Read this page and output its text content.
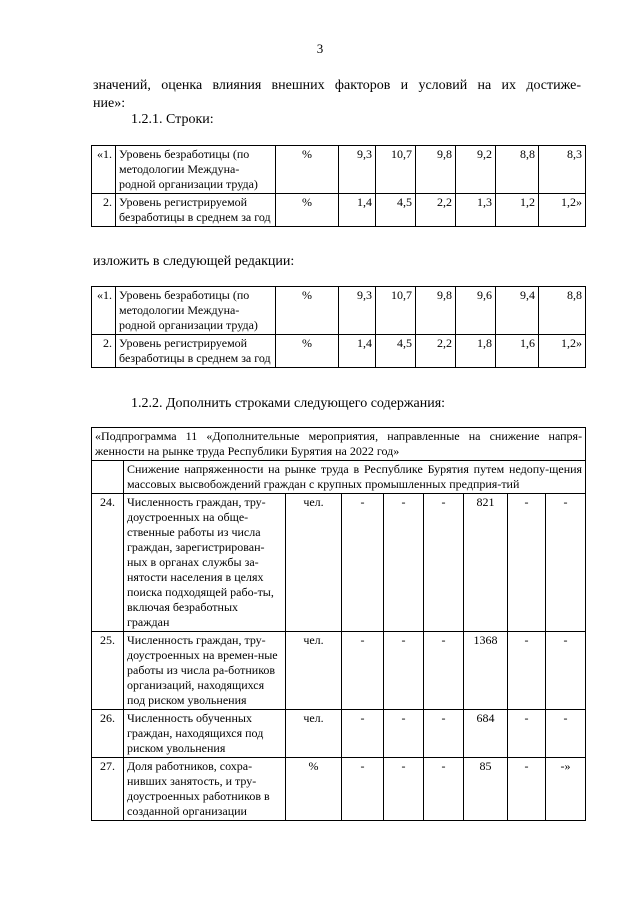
3
значений, оценка влияния внешних факторов и условий на их достиже-
ние»:
1.2.1. Строки:
«1.	Уровень безработицы (по методологии Междуна-родной организации труда)	%	9,3	10,7	9,8	9,2	8,8	8,3
2.	Уровень регистрируемой безработицы в среднем за год	%	1,4	4,5	2,2	1,3	1,2	1,2»
изложить в следующей редакции:
«1.	Уровень безработицы (по методологии Междуна-родной организации труда)	%	9,3	10,7	9,8	9,6	9,4	8,8
2.	Уровень регистрируемой безработицы в среднем за год	%	1,4	4,5	2,2	1,8	1,6	1,2»
1.2.2. Дополнить строками следующего содержания:
«Подпрограмма 11 «Дополнительные мероприятия, направленные на снижение напря-женности на рынке труда Республики Бурятия на 2022 год»								
	Снижение напряженности на рынке труда в Республике Бурятия путем недопу-щения массовых высвобождений граждан с крупных промышленных предприя-тий							
24.	Численность граждан, тру-доустроенных на обще-ственные работы из числа граждан, зарегистрирован-ных в органах службы за-нятости населения в целях поиска подходящей рабо-ты, включая безработных граждан	чел.	-	-	-	821	-	-
25.	Численность граждан, тру-доустроенных на времен-ные работы из числа ра-ботников организаций, находящихся под риском увольнения	чел.	-	-	-	1368	-	-
26.	Численность обученных граждан, находящихся под риском увольнения	чел.	-	-	-	684	-	-
27.	Доля работников, сохра-нивших занятость, и тру-доустроенных работников в созданной организации	%	-	-	-	85	-	-»
